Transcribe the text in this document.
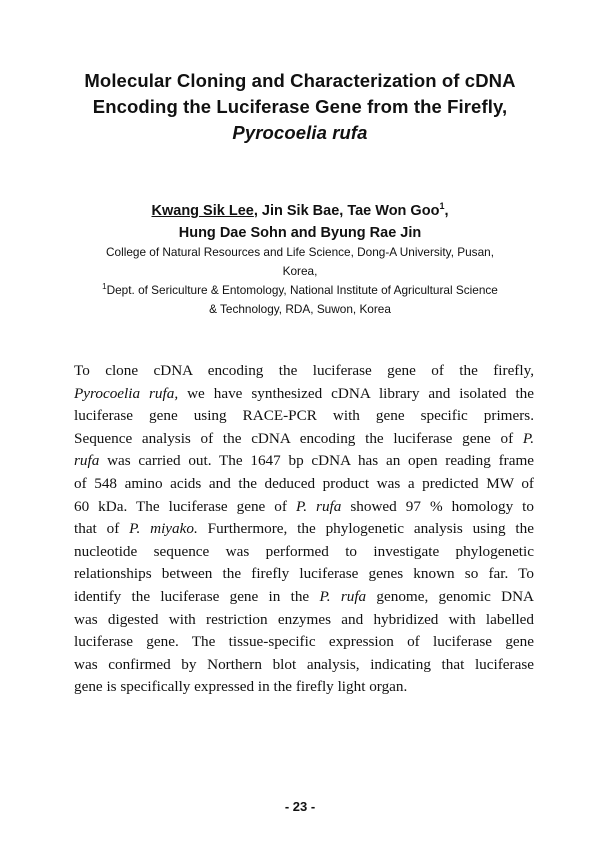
Molecular Cloning and Characterization of cDNA
Encoding the Luciferase Gene from the Firefly,
Pyrocoelia rufa
Kwang Sik Lee, Jin Sik Bae, Tae Won Goo$^1$,
Hung Dae Sohn and Byung Rae Jin
College of Natural Resources and Life Science, Dong-A University, Pusan,
Korea,
$^1$Dept. of Sericulture & Entomology, National Institute of Agricultural Science
& Technology, RDA, Suwon, Korea
To clone cDNA encoding the luciferase gene of the firefly,
Pyrocoelia rufa, we have synthesized cDNA library and isolated the
luciferase gene using RACE-PCR with gene specific primers.
Sequence analysis of the cDNA encoding the luciferase gene of P.
rufa was carried out. The 1647 bp cDNA has an open reading frame
of 548 amino acids and the deduced product was a predicted MW of
60 kDa. The luciferase gene of P. rufa showed 97 % homology to
that of P. miyako. Furthermore, the phylogenetic analysis using the
nucleotide sequence was performed to investigate phylogenetic
relationships between the firefly luciferase genes known so far. To
identify the luciferase gene in the P. rufa genome, genomic DNA
was digested with restriction enzymes and hybridized with labelled
luciferase gene. The tissue-specific expression of luciferase gene
was confirmed by Northern blot analysis, indicating that luciferase
gene is specifically expressed in the firefly light organ.
- 23 -
